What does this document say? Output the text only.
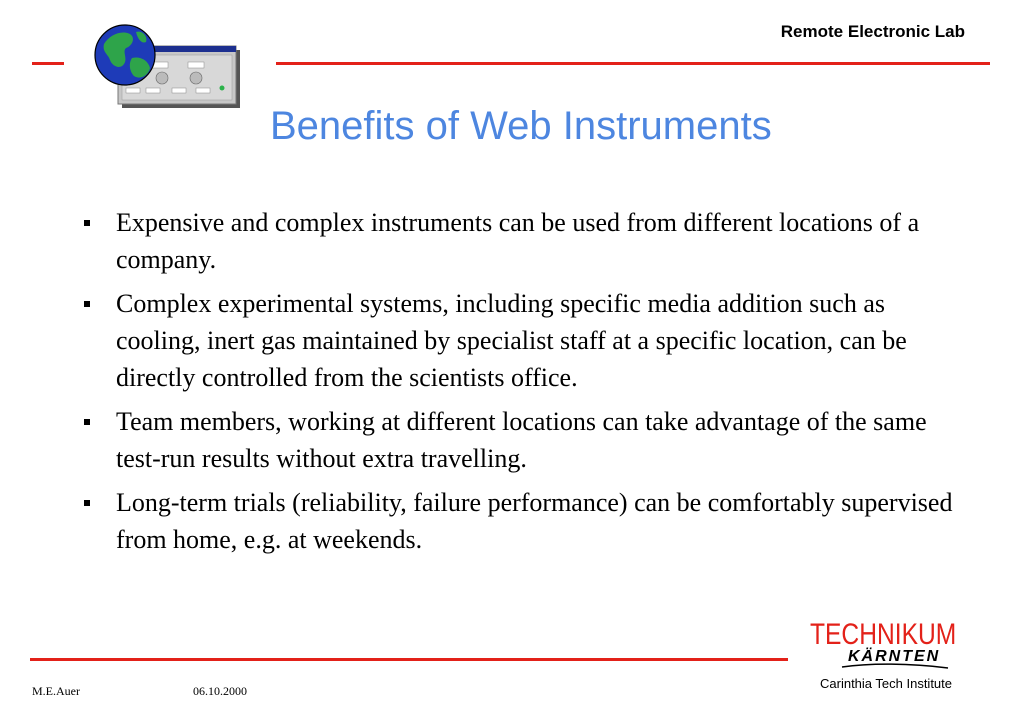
Remote Electronic Lab
Benefits of Web Instruments
Expensive and complex instruments can be used from different locations of a company.
Complex experimental systems, including specific media addition such as cooling, inert gas maintained by specialist staff at a specific location, can be directly controlled from the scientists office.
Team members, working at different locations can take advantage of the same test-run results without extra travelling.
Long-term trials (reliability, failure performance) can be comfortably supervised from home, e.g. at weekends.
TECHNIKUM
KÄRNTEN
Carinthia Tech Institute
M.E.Auer	06.10.2000
